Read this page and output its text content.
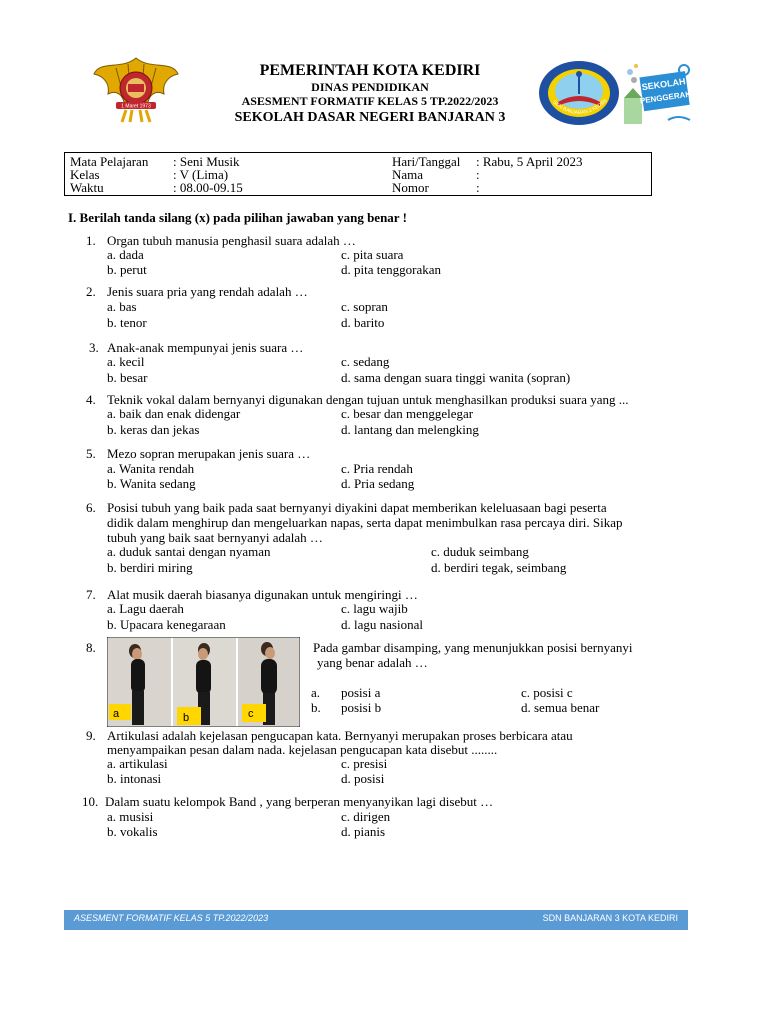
1 Maret 1973
PEMERINTAH KOTA KEDIRI
DINAS PENDIDIKAN
ASESMENT FORMATIF KELAS 5 TP.2022/2023
SEKOLAH DASAR NEGERI BANJARAN 3
SDN BANJARAN 3 KEDIRI
SEKOLAH
PENGGERAK
Mata Pelajaran : Seni Musik
Kelas	: V (Lima)
Waktu	: 08.00-09.15
Hari/Tanggal : Rabu, 5 April 2023
Nama	:
Nomor	:
I. Berilah tanda silang (x) pada pilihan jawaban yang benar !
1. Organ tubuh manusia penghasil suara adalah …
a. dada	c. pita suara
b. perut	d. pita tenggorakan
2. Jenis suara pria yang rendah adalah …
a. bas	c. sopran
b. tenor	d. barito
3. Anak-anak mempunyai jenis suara …
a. kecil	c. sedang
b. besar	d. sama dengan suara tinggi wanita (sopran)
4. Teknik vokal dalam bernyanyi digunakan dengan tujuan untuk menghasilkan produksi suara yang ...
a. baik dan enak didengar	c. besar dan menggelegar
b. keras dan jekas	d. lantang dan melengking
5. Mezo sopran merupakan jenis suara …
a. Wanita rendah	c. Pria rendah
b. Wanita sedang	d. Pria sedang
6. Posisi tubuh yang baik pada saat bernyanyi diyakini dapat memberikan keleluasaan bagi peserta
didik dalam menghirup dan mengeluarkan napas, serta dapat menimbulkan rasa percaya diri. Sikap
tubuh yang baik saat bernyanyi adalah …
a. duduk santai dengan nyaman	c. duduk seimbang
b. berdiri miring	d. berdiri tegak, seimbang
7. Alat musik daerah biasanya digunakan untuk mengiringi …
a. Lagu daerah	c. lagu wajib
b. Upacara kenegaraan	d. lagu nasional
8.
a	b	c
Pada gambar disamping, yang menunjukkan posisi bernyanyi
yang benar adalah …
a. posisi a	c. posisi c
b. posisi b	d. semua benar
9. Artikulasi adalah kejelasan pengucapan kata. Bernyanyi merupakan proses berbicara atau
menyampaikan pesan dalam nada. kejelasan pengucapan kata disebut ........
a. artikulasi	c. presisi
b. intonasi	d. posisi
10. Dalam suatu kelompok Band , yang berperan menyanyikan lagi disebut …
a. musisi	c. dirigen
b. vokalis	d. pianis
ASESMENT FORMATIF KELAS 5 TP.2022/2023	SDN BANJARAN 3 KOTA KEDIRI
